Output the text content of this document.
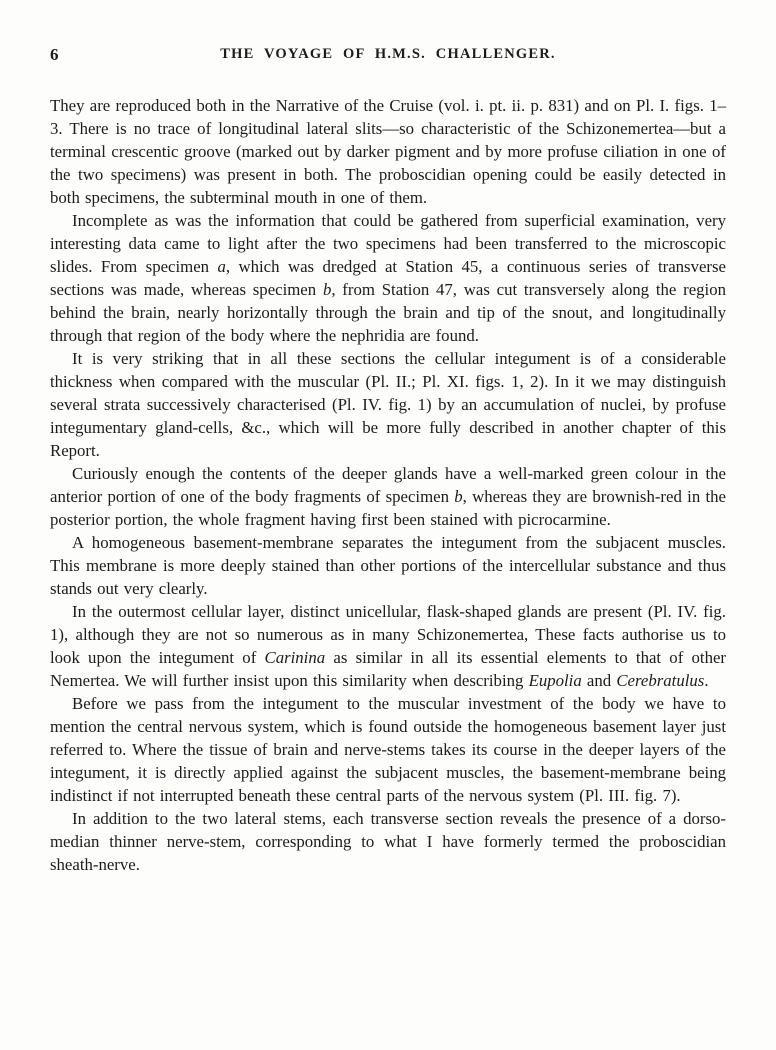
6	THE VOYAGE OF H.M.S. CHALLENGER.

They are reproduced both in the Narrative of the Cruise (vol. i. pt. ii. p. 831) and on Pl. I. figs. 1–3. There is no trace of longitudinal lateral slits—so characteristic of the Schizonemertea—but a terminal crescentic groove (marked out by darker pigment and by more profuse ciliation in one of the two specimens) was present in both. The proboscidian opening could be easily detected in both specimens, the subterminal mouth in one of them.

Incomplete as was the information that could be gathered from superficial examination, very interesting data came to light after the two specimens had been transferred to the microscopic slides. From specimen a, which was dredged at Station 45, a continuous series of transverse sections was made, whereas specimen b, from Station 47, was cut transversely along the region behind the brain, nearly horizontally through the brain and tip of the snout, and longitudinally through that region of the body where the nephridia are found.

It is very striking that in all these sections the cellular integument is of a considerable thickness when compared with the muscular (Pl. II.; Pl. XI. figs. 1, 2). In it we may distinguish several strata successively characterised (Pl. IV. fig. 1) by an accumulation of nuclei, by profuse integumentary gland-cells, &c., which will be more fully described in another chapter of this Report.

Curiously enough the contents of the deeper glands have a well-marked green colour in the anterior portion of one of the body fragments of specimen b, whereas they are brownish-red in the posterior portion, the whole fragment having first been stained with picrocarmine.

A homogeneous basement-membrane separates the integument from the subjacent muscles. This membrane is more deeply stained than other portions of the intercellular substance and thus stands out very clearly.

In the outermost cellular layer, distinct unicellular, flask-shaped glands are present (Pl. IV. fig. 1), although they are not so numerous as in many Schizonemertea, These facts authorise us to look upon the integument of Carinina as similar in all its essential elements to that of other Nemertea. We will further insist upon this similarity when describing Eupolia and Cerebratulus.

Before we pass from the integument to the muscular investment of the body we have to mention the central nervous system, which is found outside the homogeneous basement layer just referred to. Where the tissue of brain and nerve-stems takes its course in the deeper layers of the integument, it is directly applied against the subjacent muscles, the basement-membrane being indistinct if not interrupted beneath these central parts of the nervous system (Pl. III. fig. 7).

In addition to the two lateral stems, each transverse section reveals the presence of a dorso-median thinner nerve-stem, corresponding to what I have formerly termed the proboscidian sheath-nerve.
